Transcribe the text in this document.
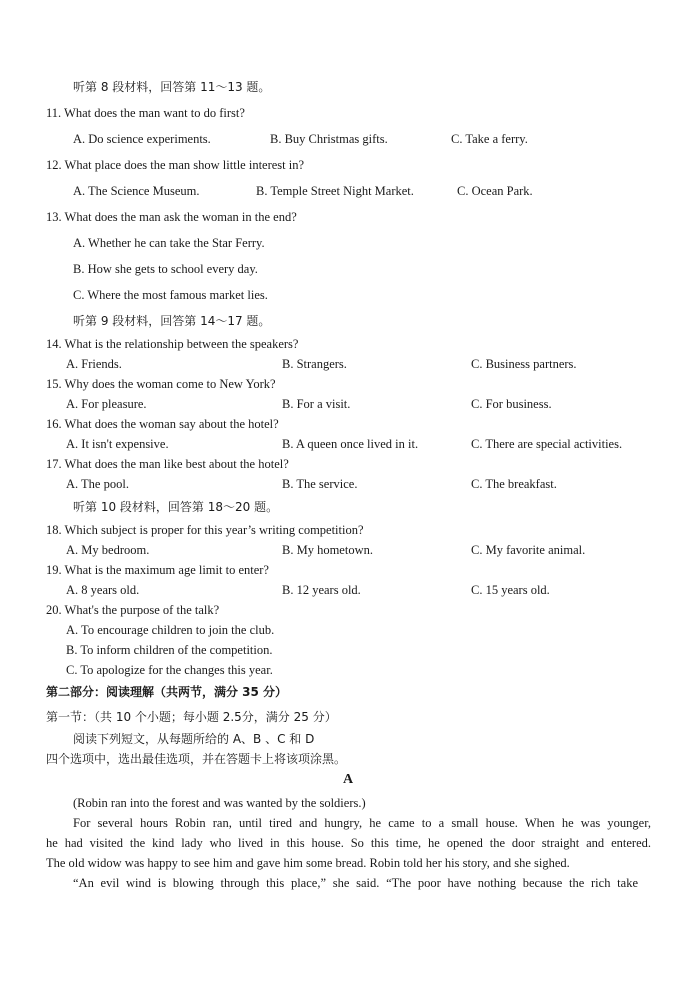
听第 8 段材料，回答第 11～13 题。
11. What does the man want to do first?
A. Do science experiments.	B. Buy Christmas gifts.	C. Take a ferry.
12. What place does the man show little interest in?
A. The Science Museum.	B. Temple Street Night Market.	C. Ocean Park.
13. What does the man ask the woman in the end?
A. Whether he can take the Star Ferry.
B. How she gets to school every day.
C. Where the most famous market lies.
听第 9 段材料，回答第 14～17 题。
14. What is the relationship between the speakers?
A. Friends.	B. Strangers.	C. Business partners.
15. Why does the woman come to New York?
A. For pleasure.	B. For a visit.	C. For business.
16. What does the woman say about the hotel?
A. It isn't expensive.	B. A queen once lived in it.	C. There are special activities.
17. What does the man like best about the hotel?
A. The pool.	B. The service.	C. The breakfast.
听第 10 段材料，回答第 18～20 题。
18. Which subject is proper for this year’s writing competition?
A. My bedroom.	B. My hometown.	C. My favorite animal.
19. What is the maximum age limit to enter?
A. 8 years old.	B. 12 years old.	C. 15 years old.
20. What's the purpose of the talk?
A. To encourage children to join the club.
B. To inform children of the competition.
C. To apologize for the changes this year.
第二部分：阅读理解（共两节，满分 35 分）
第一节：（共 10 个小题；每小题 2.5分，满分 25 分）
阅读下列短文，从每题所给的 A、B 、C 和 D
四个选项中，选出最佳选项，并在答题卡上将该项涂黑。
A
(Robin ran into the forest and was wanted by the soldiers.)
For several hours Robin ran, until tired and hungry, he came to a small house. When he was younger,
he had visited the kind lady who lived in this house. So this time, he opened the door straight and entered.
The old widow was happy to see him and gave him some bread. Robin told her his story, and she sighed.
“An evil wind is blowing through this place,” she said. “The poor have nothing because the rich take
